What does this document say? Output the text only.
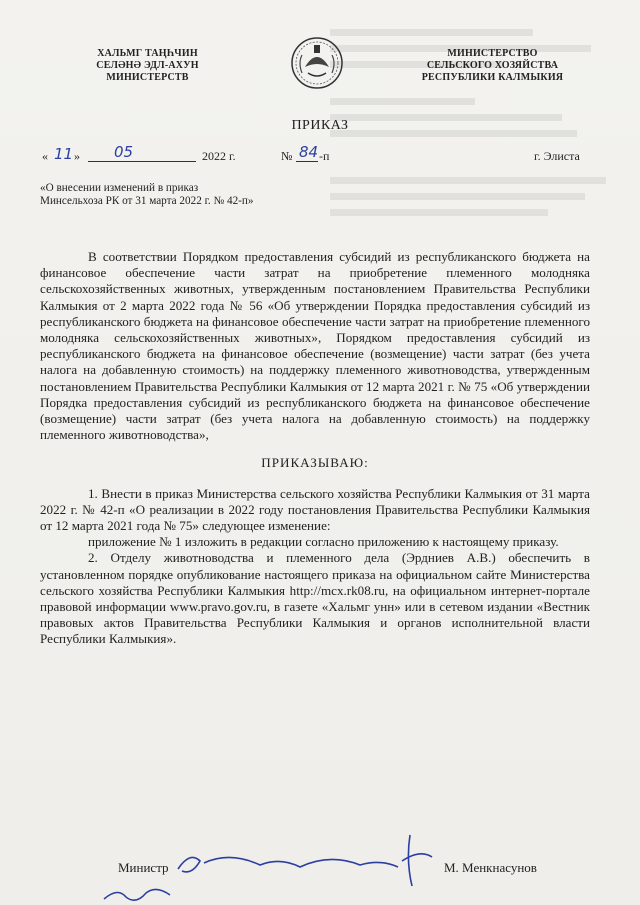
ХАЛЬМГ ТАҢҺЧИН
СЕЛӘНӘ ЭДЛ-АХУН
МИНИСТЕРСТВ
МИНИСТЕРСТВО
СЕЛЬСКОГО ХОЗЯЙСТВА
РЕСПУБЛИКИ КАЛМЫКИЯ
ПРИКАЗ
« 11 » 05	2022 г.	№ 84 -п	г. Элиста
«О внесении изменений в приказ Минсельхоза РК от 31 марта 2022 г. № 42-п»

В соответствии Порядком предоставления субсидий из республиканского бюджета на финансовое обеспечение части затрат на приобретение племенного молодняка сельскохозяйственных животных, утвержденным постановлением Правительства Республики Калмыкия от 2 марта 2022 года № 56 «Об утверждении Порядка предоставления субсидий из республиканского бюджета на финансовое обеспечение части затрат на приобретение племенного молодняка сельскохозяйственных животных», Порядком предоставления субсидий из республиканского бюджета на финансовое обеспечение (возмещение) части затрат (без учета налога на добавленную стоимость) на поддержку племенного животноводства, утвержденным постановлением Правительства Республики Калмыкия от 12 марта 2021 г. № 75 «Об утверждении Порядка предоставления субсидий из республиканского бюджета на финансовое обеспечение (возмещение) части затрат (без учета налога на добавленную стоимость) на поддержку племенного животноводства»,

ПРИКАЗЫВАЮ:

1. Внести в приказ Министерства сельского хозяйства Республики Калмыкия от 31 марта 2022 г. № 42-п «О реализации в 2022 году постановления Правительства Республики Калмыкия от 12 марта 2021 года № 75» следующее изменение:

приложение № 1 изложить в редакции согласно приложению к настоящему приказу.

2. Отделу животноводства и племенного дела (Эрдниев А.В.) обеспечить в установленном порядке опубликование настоящего приказа на официальном сайте Министерства сельского хозяйства Республики Калмыкия http://mcx.rk08.ru, на официальном интернет-портале правовой информации www.pravo.gov.ru, в газете «Хальмг унн» или в сетевом издании «Вестник правовых актов Правительства Республики Калмыкия и органов исполнительной власти Республики Калмыкия».

Министр	М. Менкнасунов
